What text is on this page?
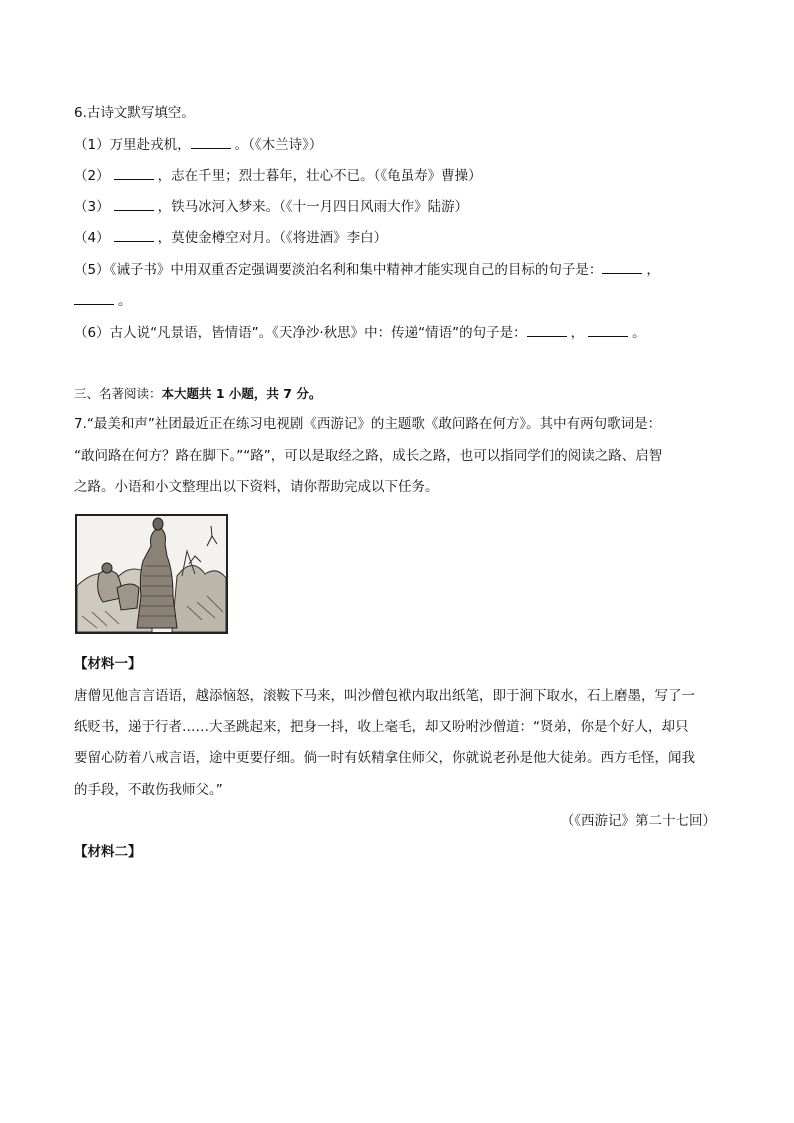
6.古诗文默写填空。
（1）万里赴戎机，	。（《木兰诗》）
（2）	，志在千里；烈士暮年，壮心不已。（《龟虽寿》曹操）
（3）	，铁马冰河入梦来。（《十一月四日风雨大作》陆游）
（4）	，莫使金樽空对月。（《将进酒》李白）
（5）《诫子书》中用双重否定强调要淡泊名利和集中精神才能实现自己的目标的句子是：	，
。
（6）古人说“凡景语，皆情语”。《天净沙·秋思》中：传递“情语”的句子是：	，	。
三、名著阅读：本大题共 1 小题，共 7 分。
7.“最美和声”社团最近正在练习电视剧《西游记》的主题歌《敢问路在何方》。其中有两句歌词是：
“敢问路在何方？路在脚下。”“路”，可以是取经之路，成长之路，也可以指同学们的阅读之路、启智
之路。小语和小文整理出以下资料，请你帮助完成以下任务。
【材料一】
唐僧见他言言语语，越添恼怒，滚鞍下马来，叫沙僧包袱内取出纸笔，即于涧下取水，石上磨墨，写了一
纸贬书，递于行者……大圣跳起来，把身一抖，收上毫毛，却又吩咐沙僧道：“贤弟，你是个好人，却只
要留心防着八戒言语，途中更要仔细。倘一时有妖精拿住师父，你就说老孙是他大徒弟。西方毛怪，闻我
的手段，不敢伤我师父。”
（《西游记》第二十七回）
【材料二】
